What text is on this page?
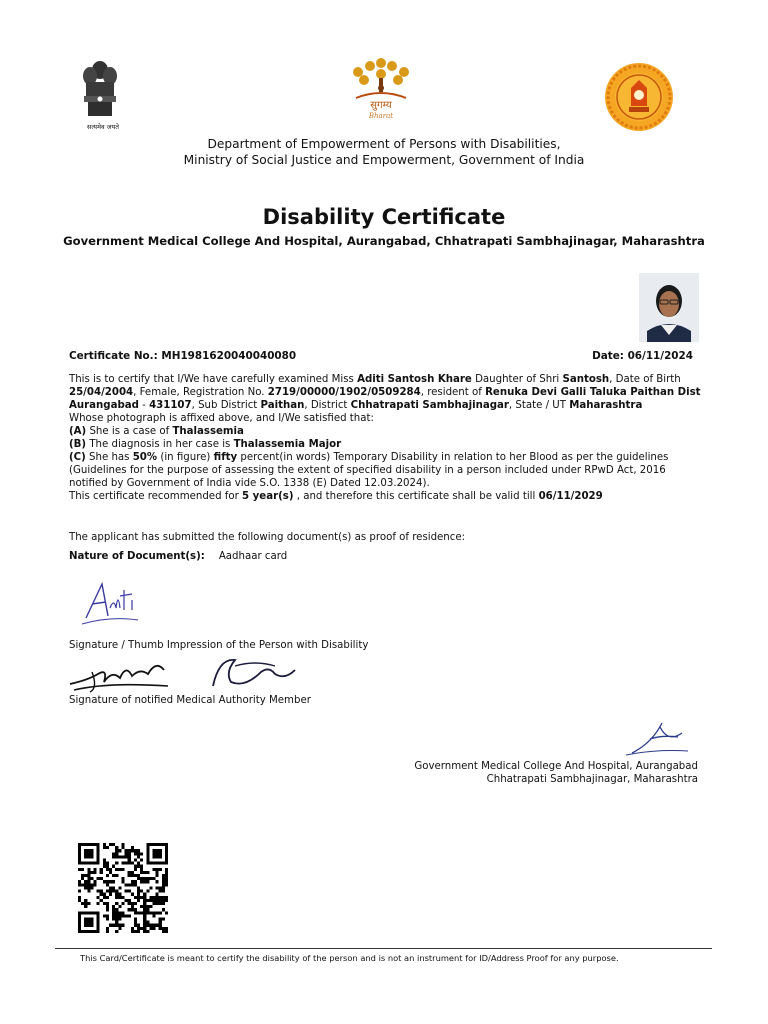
सत्यमेव जयते
सुगम्य
Bharat
Department of Empowerment of Persons with Disabilities,
Ministry of Social Justice and Empowerment, Government of India
Disability Certificate
Government Medical College And Hospital, Aurangabad, Chhatrapati Sambhajinagar, Maharashtra
Certificate No.: MH1981620040040080	Date: 06/11/2024
This is to certify that I/We have carefully examined Miss Aditi Santosh Khare Daughter of Shri Santosh, Date of Birth 25/04/2004, Female, Registration No. 2719/00000/1902/0509284, resident of Renuka Devi Galli Taluka Paithan Dist Aurangabad - 431107, Sub District Paithan, District Chhatrapati Sambhajinagar, State / UT Maharashtra
Whose photograph is affixed above, and I/We satisfied that:
(A) She is a case of Thalassemia
(B) The diagnosis in her case is Thalassemia Major
(C) She has 50% (in figure) fifty percent(in words) Temporary Disability in relation to her Blood as per the guidelines (Guidelines for the purpose of assessing the extent of specified disability in a person included under RPwD Act, 2016 notified by Government of India vide S.O. 1338 (E) Dated 12.03.2024).
This certificate recommended for 5 year(s) , and therefore this certificate shall be valid till 06/11/2029
The applicant has submitted the following document(s) as proof of residence:
Nature of Document(s): Aadhaar card
Signature / Thumb Impression of the Person with Disability
Signature of notified Medical Authority Member
Government Medical College And Hospital, Aurangabad
Chhatrapati Sambhajinagar, Maharashtra
This Card/Certificate is meant to certify the disability of the person and is not an instrument for ID/Address Proof for any purpose.
